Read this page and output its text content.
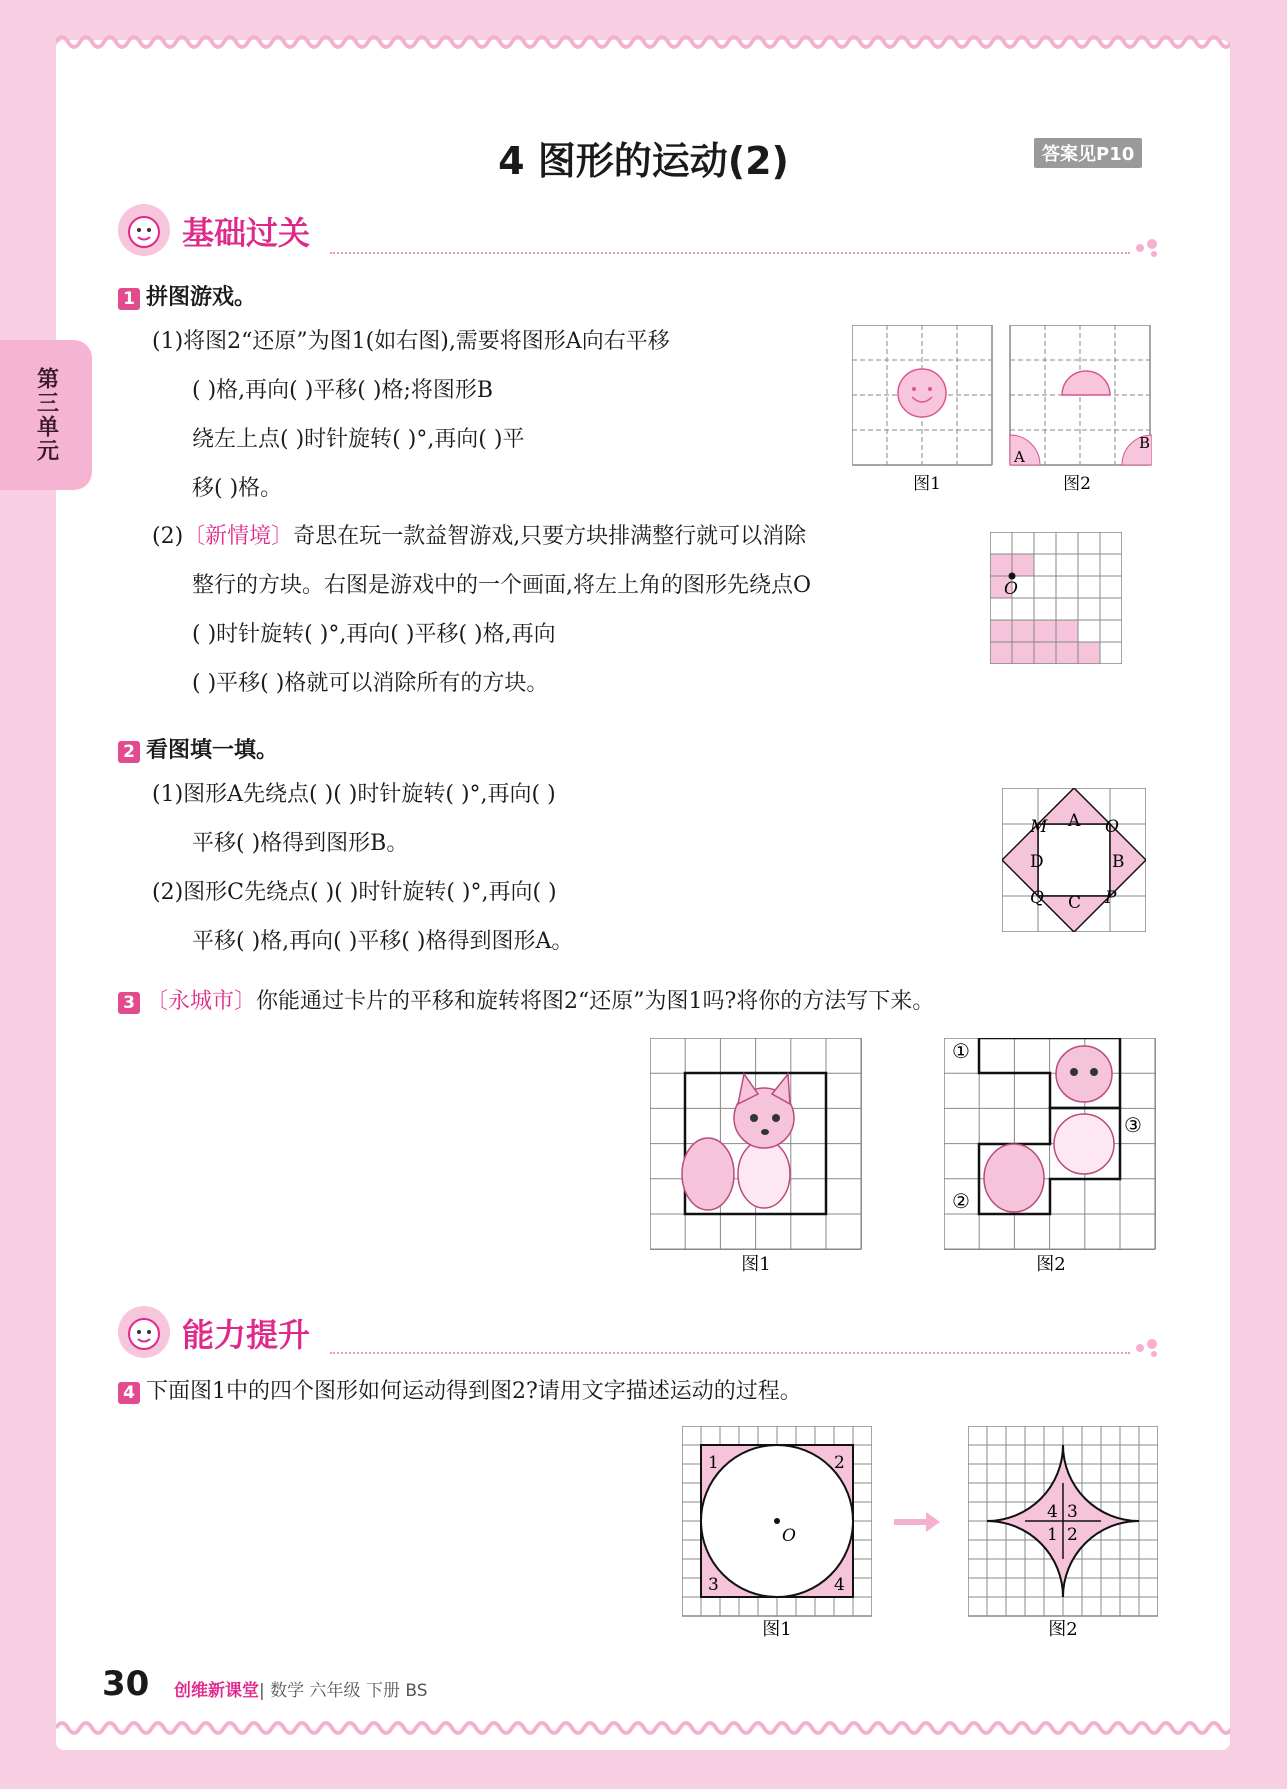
第三单元
4 图形的运动(2)	答案见P10
基础过关
1 拼图游戏。
(1)将图2“还原”为图1(如右图),需要将图形A向右平移
( )格,再向( )平移( )格;将图形B
绕左上点( )时针旋转( )°,再向( )平
移( )格。
A
B
图1	图2
(2)〔新情境〕奇思在玩一款益智游戏,只要方块排满整行就可以消除
整行的方块。右图是游戏中的一个画面,将左上角的图形先绕点O
( )时针旋转( )°,再向( )平移( )格,再向
( )平移( )格就可以消除所有的方块。
O
2 看图填一填。
(1)图形A先绕点( )( )时针旋转( )°,再向( )
平移( )格得到图形B。
(2)图形C先绕点( )( )时针旋转( )°,再向( )
平移( )格,再向( )平移( )格得到图形A。
M A O
D	B
Q C P
3 〔永城市〕你能通过卡片的平移和旋转将图2“还原”为图1吗?将你的方法写下来。
图1
①
②
③
图2
能力提升
4 下面图1中的四个图形如何运动得到图2?请用文字描述运动的过程。
1	2
3	4
O
图1
4 3
1 2
图2
30 创维新课堂| 数学 六年级 下册 BS
